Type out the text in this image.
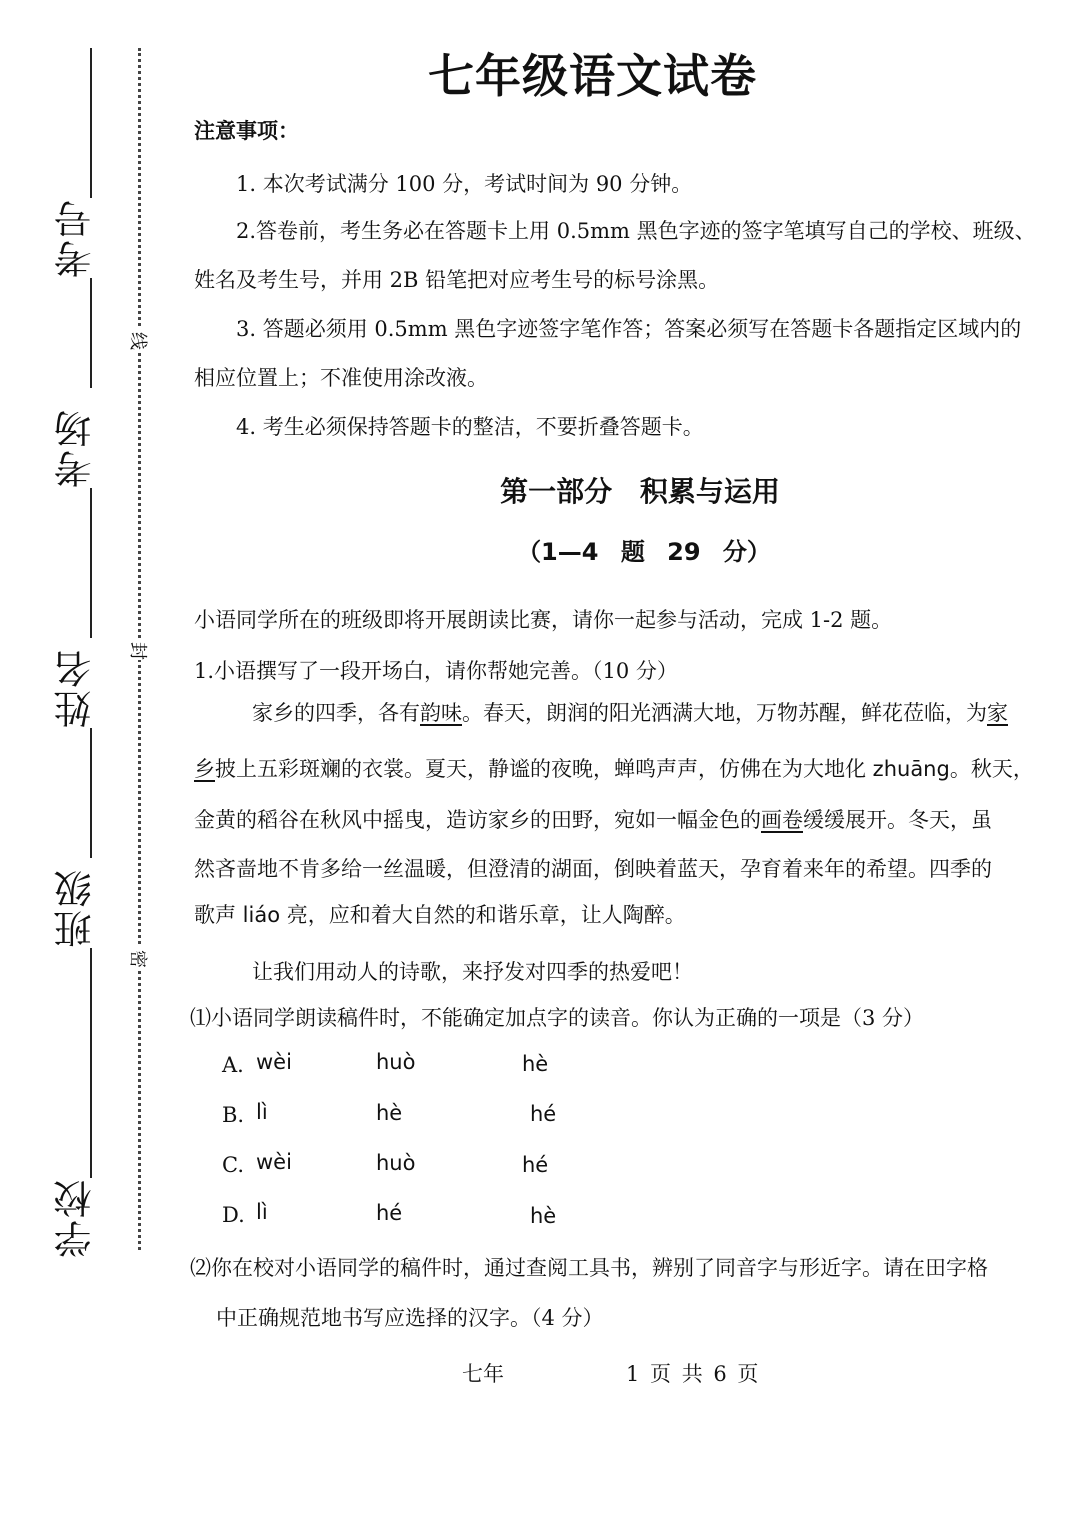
考号
考场
姓名
班级
学校
线
封
密
七年级语文试卷
注意事项：
1. 本次考试满分 100 分，考试时间为 90 分钟。
2.答卷前，考生务必在答题卡上用 0.5mm 黑色字迹的签字笔填写自己的学校、班级、
姓名及考生号，并用 2B 铅笔把对应考生号的标号涂黑。
3. 答题必须用 0.5mm 黑色字迹签字笔作答；答案必须写在答题卡各题指定区域内的
相应位置上；不准使用涂改液。
4. 考生必须保持答题卡的整洁，不要折叠答题卡。
第一部分 积累与运用
（1—4 题 29 分）
小语同学所在的班级即将开展朗读比赛，请你一起参与活动，完成 1-2 题。
1.小语撰写了一段开场白，请你帮她完善。（10 分）
家乡的四季，各有韵味。春天，朗润的阳光洒满大地，万物苏醒，鲜花莅临，为家
乡披上五彩斑斓的衣裳。夏天，静谧的夜晚，蝉鸣声声，仿佛在为大地化 zhuāng。秋天，
金黄的稻谷在秋风中摇曳，造访家乡的田野，宛如一幅金色的画卷缓缓展开。冬天，虽
然吝啬地不肯多给一丝温暖，但澄清的湖面，倒映着蓝天，孕育着来年的希望。四季的
歌声 liáo 亮，应和着大自然的和谐乐章，让人陶醉。
让我们用动人的诗歌，来抒发对四季的热爱吧！
⑴小语同学朗读稿件时，不能确定加点字的读音。你认为正确的一项是（3 分）
A. wèi	huò	hè
B. lì	hè	hé
C. wèi	huò	hé
D. lì	hé	hè
⑵你在校对小语同学的稿件时，通过查阅工具书，辨别了同音字与形近字。请在田字格
中正确规范地书写应选择的汉字。（4 分）
七年	1 页 共 6 页
